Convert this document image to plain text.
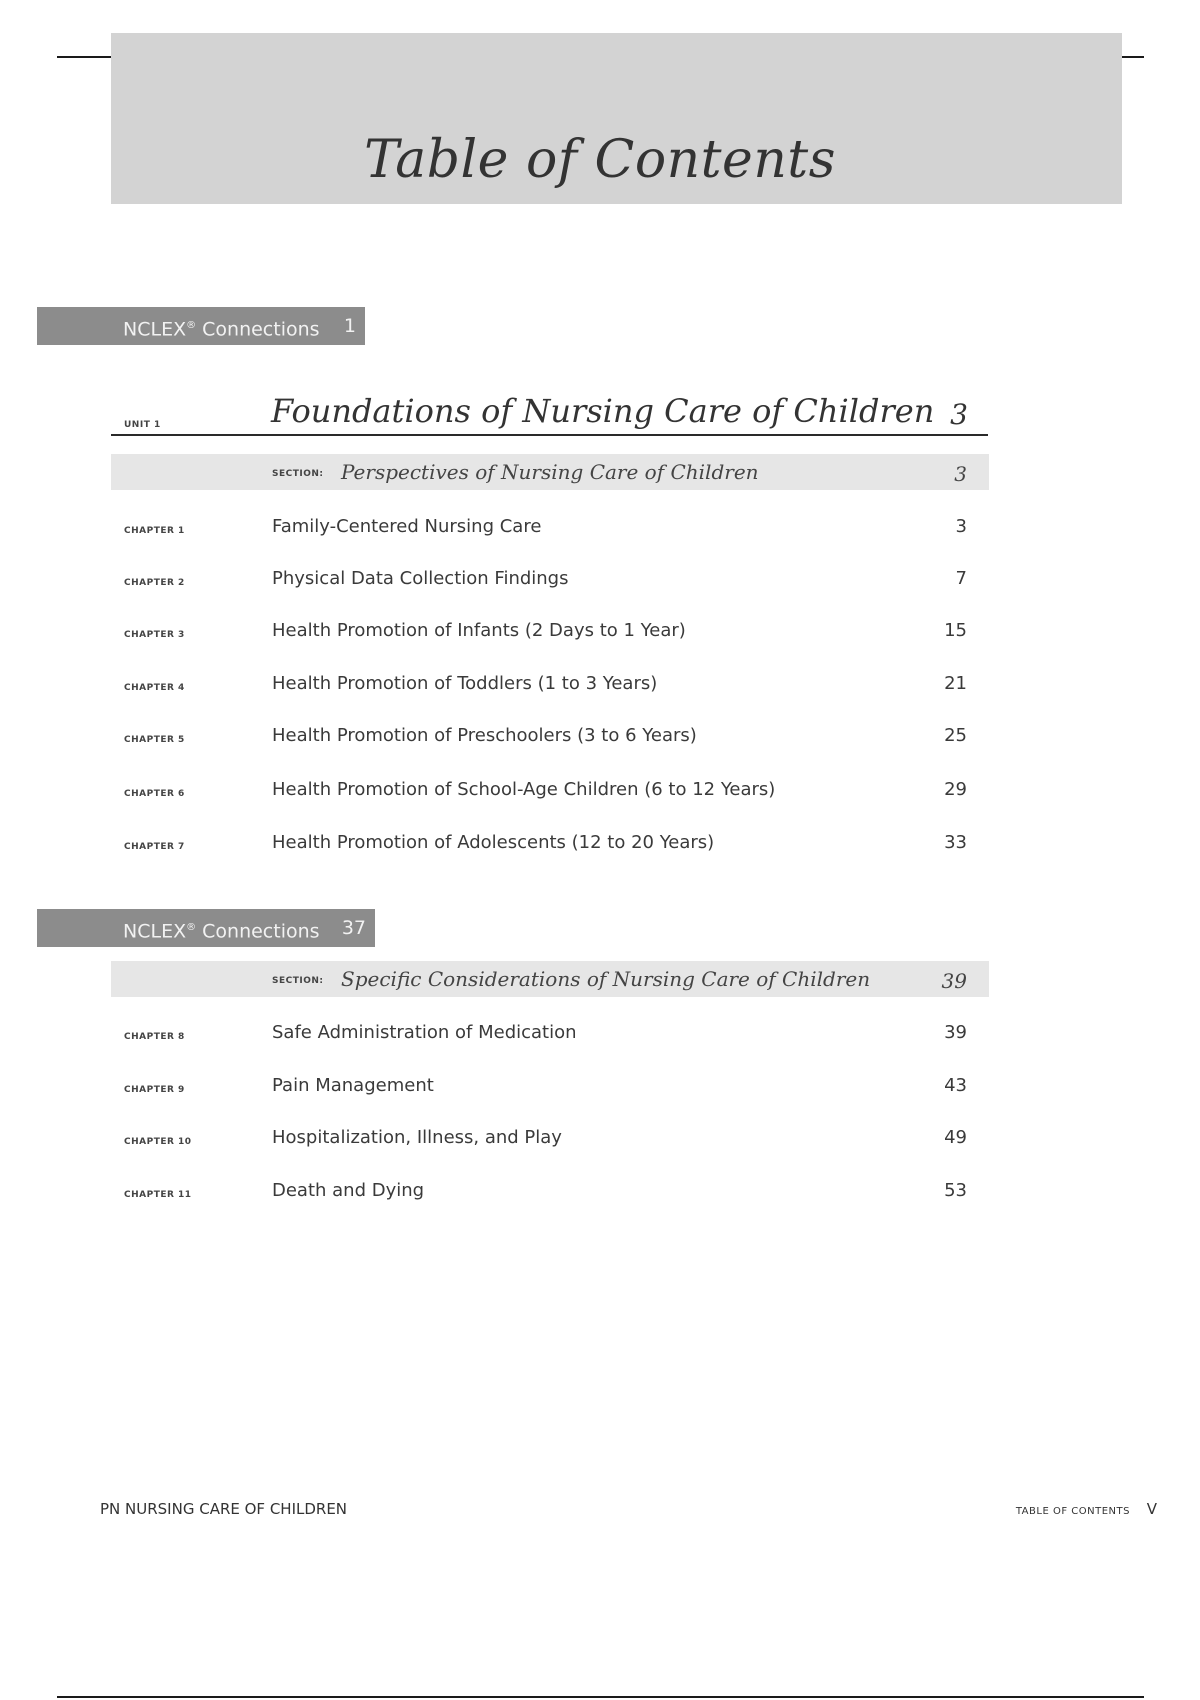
Table of Contents
NCLEX® Connections 1
UNIT 1	Foundations of Nursing Care of Children 3
SECTION: Perspectives of Nursing Care of Children	3
CHAPTER 1	Family-Centered Nursing Care	3
CHAPTER 2	Physical Data Collection Findings	7
CHAPTER 3	Health Promotion of Infants (2 Days to 1 Year)	15
CHAPTER 4	Health Promotion of Toddlers (1 to 3 Years)	21
CHAPTER 5	Health Promotion of Preschoolers (3 to 6 Years)	25
CHAPTER 6	Health Promotion of School-Age Children (6 to 12 Years)	29
CHAPTER 7	Health Promotion of Adolescents (12 to 20 Years)	33
NCLEX® Connections 37
SECTION: Specific Considerations of Nursing Care of Children	39
CHAPTER 8	Safe Administration of Medication	39
CHAPTER 9	Pain Management	43
CHAPTER 10	Hospitalization, Illness, and Play	49
CHAPTER 11	Death and Dying	53
PN NURSING CARE OF CHILDREN	TABLE OF CONTENTS V
